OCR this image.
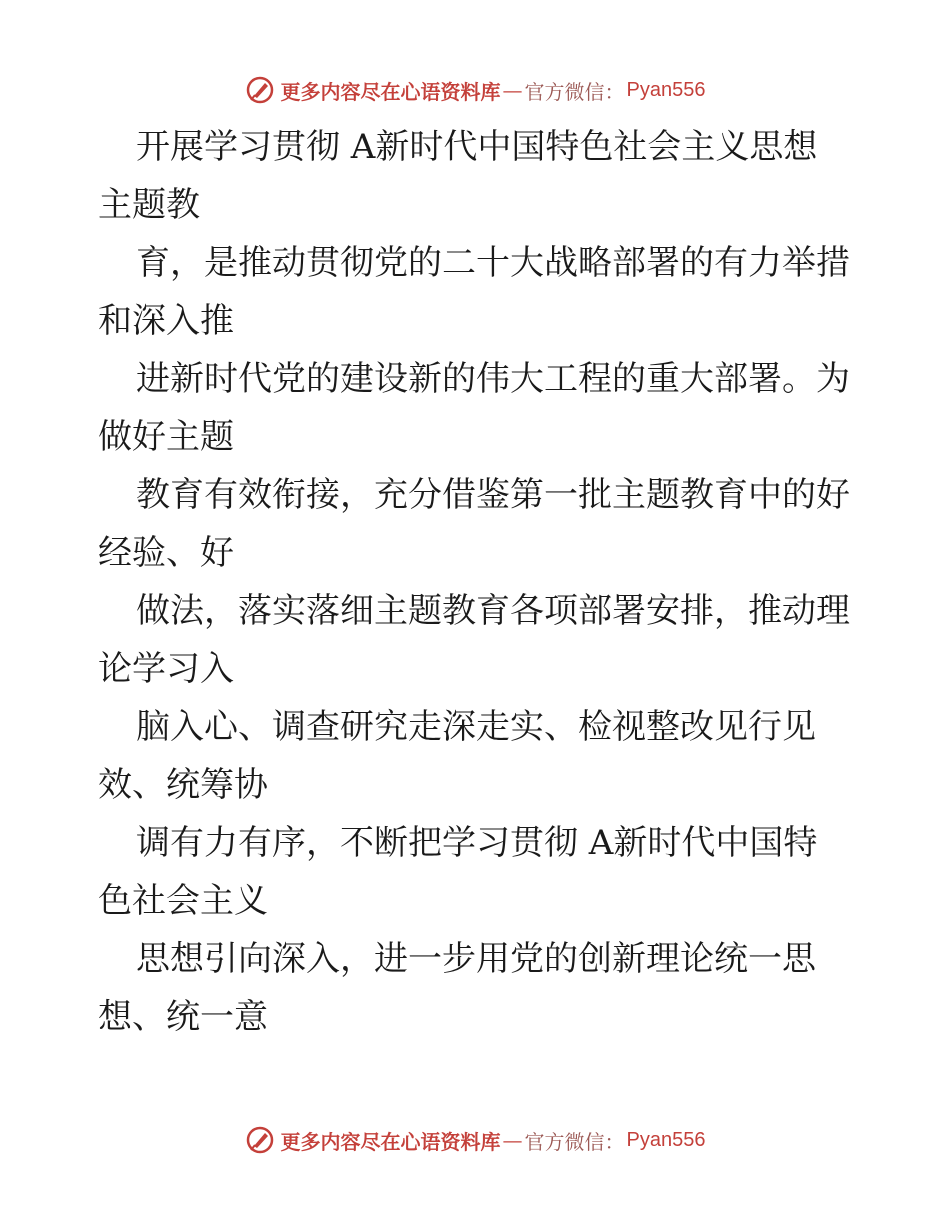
更多内容尽在心语资料库 — 官方微信： Pyan556
开展学习贯彻 A新时代中国特色社会主义思想
主题教
育，是推动贯彻党的二十大战略部署的有力举措
和深入推
进新时代党的建设新的伟大工程的重大部署。为
做好主题
教育有效衔接，充分借鉴第一批主题教育中的好
经验、好
做法，落实落细主题教育各项部署安排，推动理
论学习入
脑入心、调查研究走深走实、检视整改见行见
效、统筹协
调有力有序，不断把学习贯彻 A新时代中国特
色社会主义
思想引向深入，进一步用党的创新理论统一思
想、统一意
更多内容尽在心语资料库 — 官方微信： Pyan556
